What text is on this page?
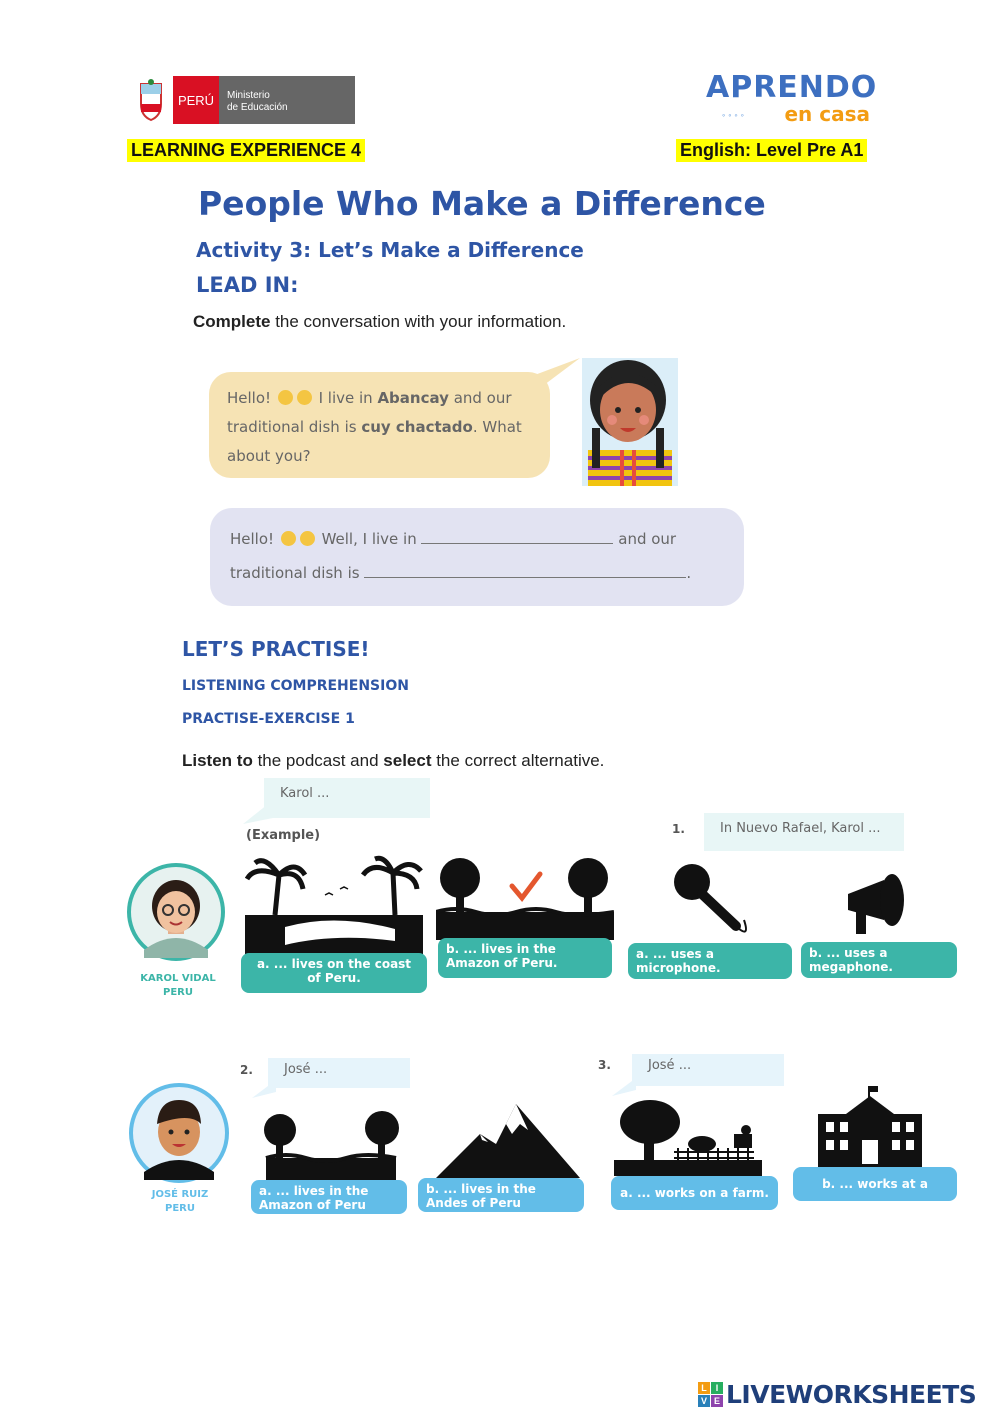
PERÚ	Ministerio
de Educación
APRENDO
◦◦◦◦	en casa
LEARNING EXPERIENCE 4	English: Level Pre A1
People Who Make a Difference
Activity 3: Let’s Make a Difference
LEAD IN:
Complete the conversation with your information.
Hello!	I live in Abancay and our traditional dish is cuy chactado. What about you?
Hello!	Well, I live in	and our
traditional dish is	.
LET’S PRACTISE!
LISTENING COMPREHENSION
PRACTISE-EXERCISE 1
Listen to the podcast and select the correct alternative.
Karol ...
(Example)
KAROL VIDAL
PERU
a. ... lives on the coast of Peru.
b. ... lives in the Amazon of Peru.
1.	In Nuevo Rafael, Karol ...
a. ... uses a microphone.
b. ... uses a megaphone.
JOSÉ RUIZ
PERU
2.	José ...
a. ... lives in the Amazon of Peru
b. ... lives in the Andes of Peru
3.	José ...
a. ... works on a farm.
b. ... works at a school.
L I
V E LIVEWORKSHEETS
